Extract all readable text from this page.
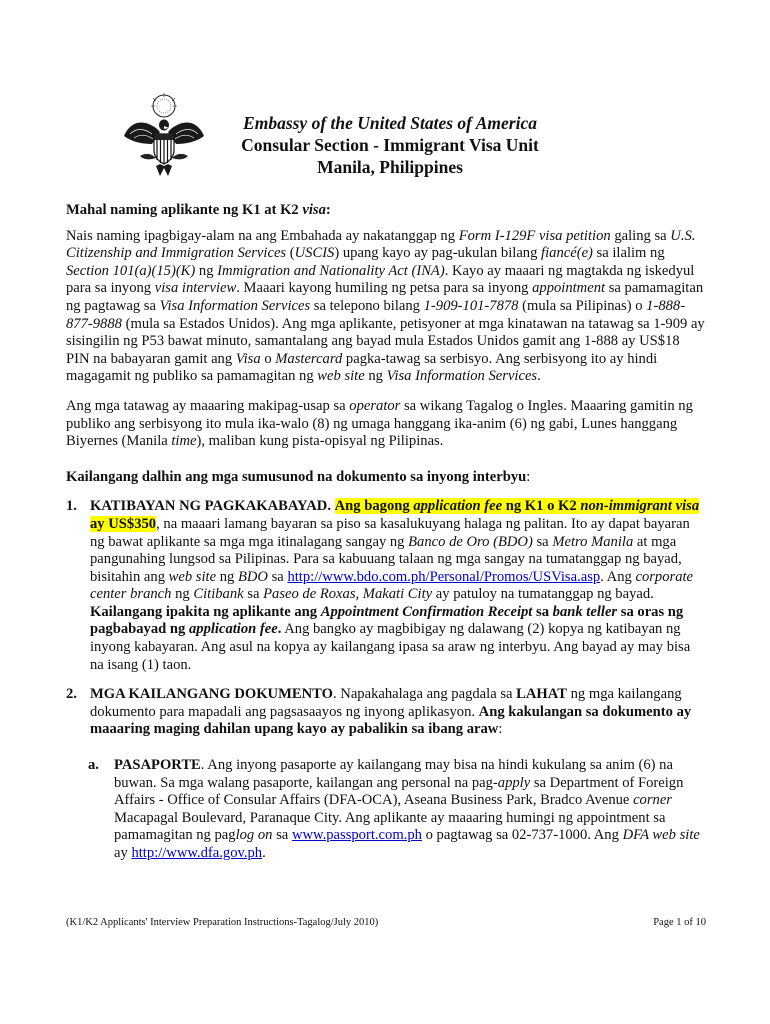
Embassy of the United States of America
Consular Section - Immigrant Visa Unit
Manila, Philippines

Mahal naming aplikante ng K1 at K2 visa:

Nais naming ipagbigay-alam na ang Embahada ay nakatanggap ng Form I-129F visa petition galing sa U.S. Citizenship and Immigration Services (USCIS) upang kayo ay pag-ukulan bilang fiancé(e) sa ilalim ng Section 101(a)(15)(K) ng Immigration and Nationality Act (INA). Kayo ay maaari ng magtakda ng iskedyul para sa inyong visa interview. Maaari kayong humiling ng petsa para sa inyong appointment sa pamamagitan ng pagtawag sa Visa Information Services sa telepono bilang 1-909-101-7878 (mula sa Pilipinas) o 1-888-877-9888 (mula sa Estados Unidos). Ang mga aplikante, petisyoner at mga kinatawan na tatawag sa 1-909 ay sisingilin ng P53 bawat minuto, samantalang ang bayad mula Estados Unidos gamit ang 1-888 ay US$18 PIN na babayaran gamit ang Visa o Mastercard pagka-tawag sa serbisyo. Ang serbisyong ito ay hindi magagamit ng publiko sa pamamagitan ng web site ng Visa Information Services.

Ang mga tatawag ay maaaring makipag-usap sa operator sa wikang Tagalog o Ingles. Maaaring gamitin ng publiko ang serbisyong ito mula ika-walo (8) ng umaga hanggang ika-anim (6) ng gabi, Lunes hanggang Biyernes (Manila time), maliban kung pista-opisyal ng Pilipinas.

Kailangang dalhin ang mga sumusunod na dokumento sa inyong interbyu:

1. KATIBAYAN NG PAGKAKABAYAD. Ang bagong application fee ng K1 o K2 non-immigrant visa ay US$350, na maaari lamang bayaran sa piso sa kasalukuyang halaga ng palitan. Ito ay dapat bayaran ng bawat aplikante sa mga mga itinalagang sangay ng Banco de Oro (BDO) sa Metro Manila at mga pangunahing lungsod sa Pilipinas. Para sa kabuuang talaan ng mga sangay na tumatanggap ng bayad, bisitahin ang web site ng BDO sa http://www.bdo.com.ph/Personal/Promos/USVisa.asp. Ang corporate center branch ng Citibank sa Paseo de Roxas, Makati City ay patuloy na tumatanggap ng bayad. Kailangang ipakita ng aplikante ang Appointment Confirmation Receipt sa bank teller sa oras ng pagbabayad ng application fee. Ang bangko ay magbibigay ng dalawang (2) kopya ng katibayan ng inyong kabayaran. Ang asul na kopya ay kailangang ipasa sa araw ng interbyu. Ang bayad ay may bisa na isang (1) taon.

2. MGA KAILANGANG DOKUMENTO. Napakahalaga ang pagdala sa LAHAT ng mga kailangang dokumento para mapadali ang pagsasaayos ng inyong aplikasyon. Ang kakulangan sa dokumento ay maaaring maging dahilan upang kayo ay pabalikin sa ibang araw:

a. PASAPORTE. Ang inyong pasaporte ay kailangang may bisa na hindi kukulang sa anim (6) na buwan. Sa mga walang pasaporte, kailangan ang personal na pag-apply sa Department of Foreign Affairs - Office of Consular Affairs (DFA-OCA), Aseana Business Park, Bradco Avenue corner Macapagal Boulevard, Paranaque City. Ang aplikante ay maaaring humingi ng appointment sa pamamagitan ng paglog on sa www.passport.com.ph o pagtawag sa 02-737-1000. Ang DFA web site ay http://www.dfa.gov.ph.

(K1/K2 Applicants' Interview Preparation Instructions-Tagalog/July 2010)	Page 1 of 10
